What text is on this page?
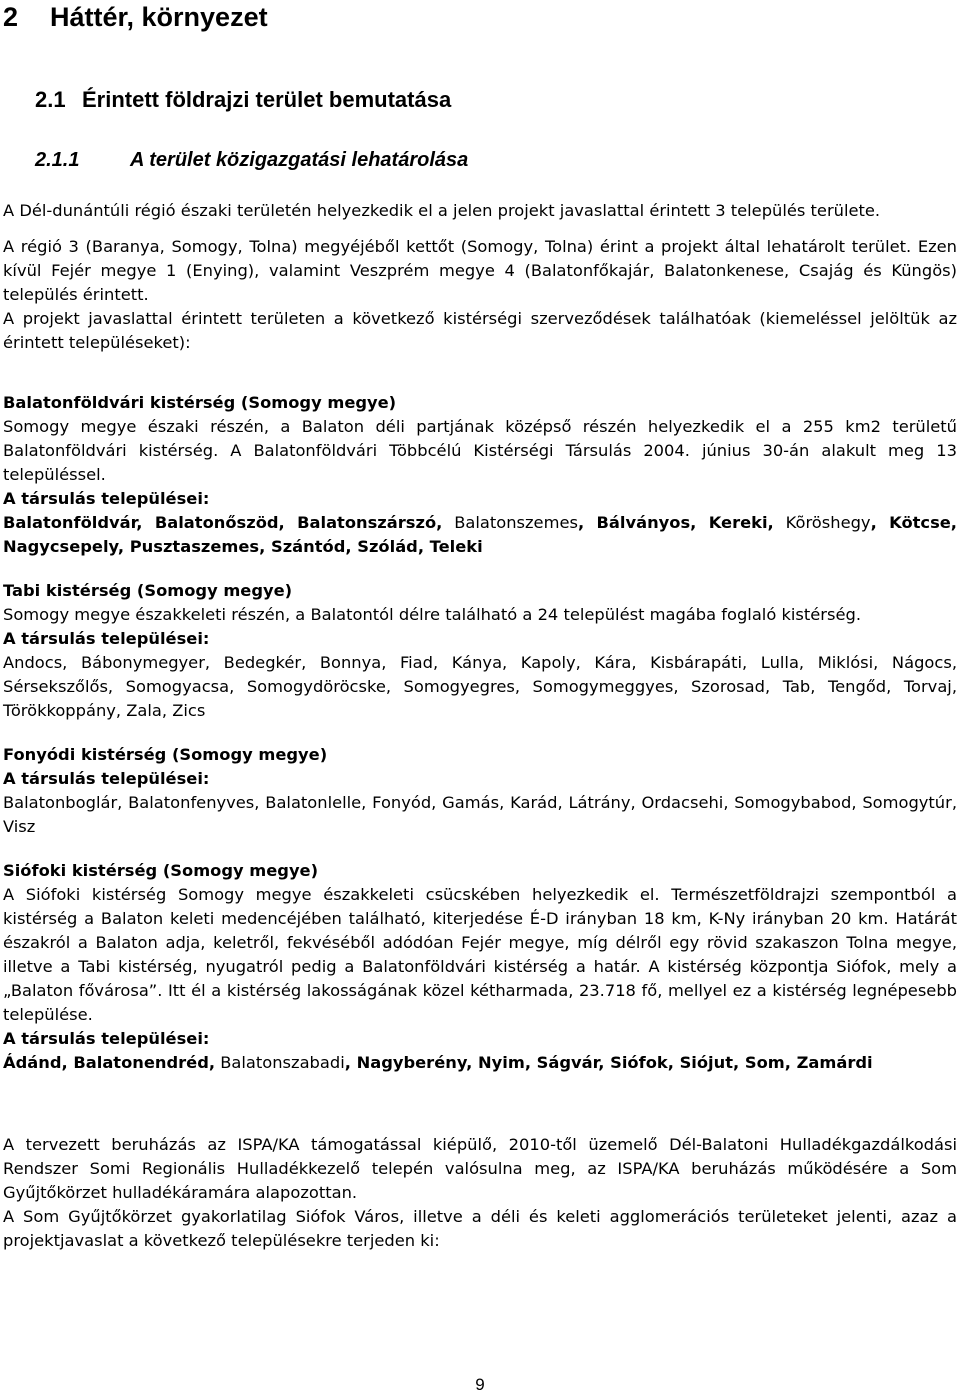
2 Háttér, környezet
2.1 Érintett földrajzi terület bemutatása
2.1.1	A terület közigazgatási lehatárolása

A Dél-dunántúli régió északi területén helyezkedik el a jelen projekt javaslattal érintett 3 település területe.

A régió 3 (Baranya, Somogy, Tolna) megyéjéből kettőt (Somogy, Tolna) érint a projekt által lehatárolt terület. Ezen kívül Fejér megye 1 (Enying), valamint Veszprém megye 4 (Balatonfőkajár, Balatonkenese, Csajág és Küngös) település érintett.

A projekt javaslattal érintett területen a következő kistérségi szerveződések találhatóak (kiemeléssel jelöltük az érintett településeket):

Balatonföldvári kistérség (Somogy megye)

Somogy megye északi részén, a Balaton déli partjának középső részén helyezkedik el a 255 km2 területű Balatonföldvári kistérség. A Balatonföldvári Többcélú Kistérségi Társulás 2004. június 30-án alakult meg 13 településsel.

A társulás települései:

Balatonföldvár, Balatonőszöd, Balatonszárszó, Balatonszemes, Bálványos, Kereki, Kõröshegy, Kötcse, Nagycsepely, Pusztaszemes, Szántód, Szólád, Teleki

Tabi kistérség (Somogy megye)

Somogy megye északkeleti részén, a Balatontól délre található a 24 települést magába foglaló kistérség.

A társulás települései:

Andocs, Bábonymegyer, Bedegkér, Bonnya, Fiad, Kánya, Kapoly, Kára, Kisbárapáti, Lulla, Miklósi, Nágocs, Sérsekszőlős, Somogyacsa, Somogydöröcske, Somogyegres, Somogymeggyes, Szorosad, Tab, Tengőd, Torvaj, Törökkoppány, Zala, Zics

Fonyódi kistérség (Somogy megye)

A társulás települései:

Balatonboglár, Balatonfenyves, Balatonlelle, Fonyód, Gamás, Karád, Látrány, Ordacsehi, Somogybabod, Somogytúr, Visz

Siófoki kistérség (Somogy megye)

A Siófoki kistérség Somogy megye északkeleti csücskében helyezkedik el. Természetföldrajzi szempontból a kistérség a Balaton keleti medencéjében található, kiterjedése É-D irányban 18 km, K-Ny irányban 20 km. Határát északról a Balaton adja, keletről, fekvéséből adódóan Fejér megye, míg délről egy rövid szakaszon Tolna megye, illetve a Tabi kistérség, nyugatról pedig a Balatonföldvári kistérség a határ. A kistérség központja Siófok, mely a „Balaton fővárosa”. Itt él a kistérség lakosságának közel kétharmada, 23.718 fő, mellyel ez a kistérség legnépesebb települése.

A társulás települései:

Ádánd, Balatonendréd, Balatonszabadi, Nagyberény, Nyim, Ságvár, Siófok, Siójut, Som, Zamárdi

A tervezett beruházás az ISPA/KA támogatással kiépülő, 2010-től üzemelő Dél-Balatoni Hulladékgazdálkodási Rendszer Somi Regionális Hulladékkezelő telepén valósulna meg, az ISPA/KA beruházás működésére a Som Gyűjtőkörzet hulladékáramára alapozottan.

A Som Gyűjtőkörzet gyakorlatilag Siófok Város, illetve a déli és keleti agglomerációs területeket jelenti, azaz a projektjavaslat a következő településekre terjeden ki:

9
